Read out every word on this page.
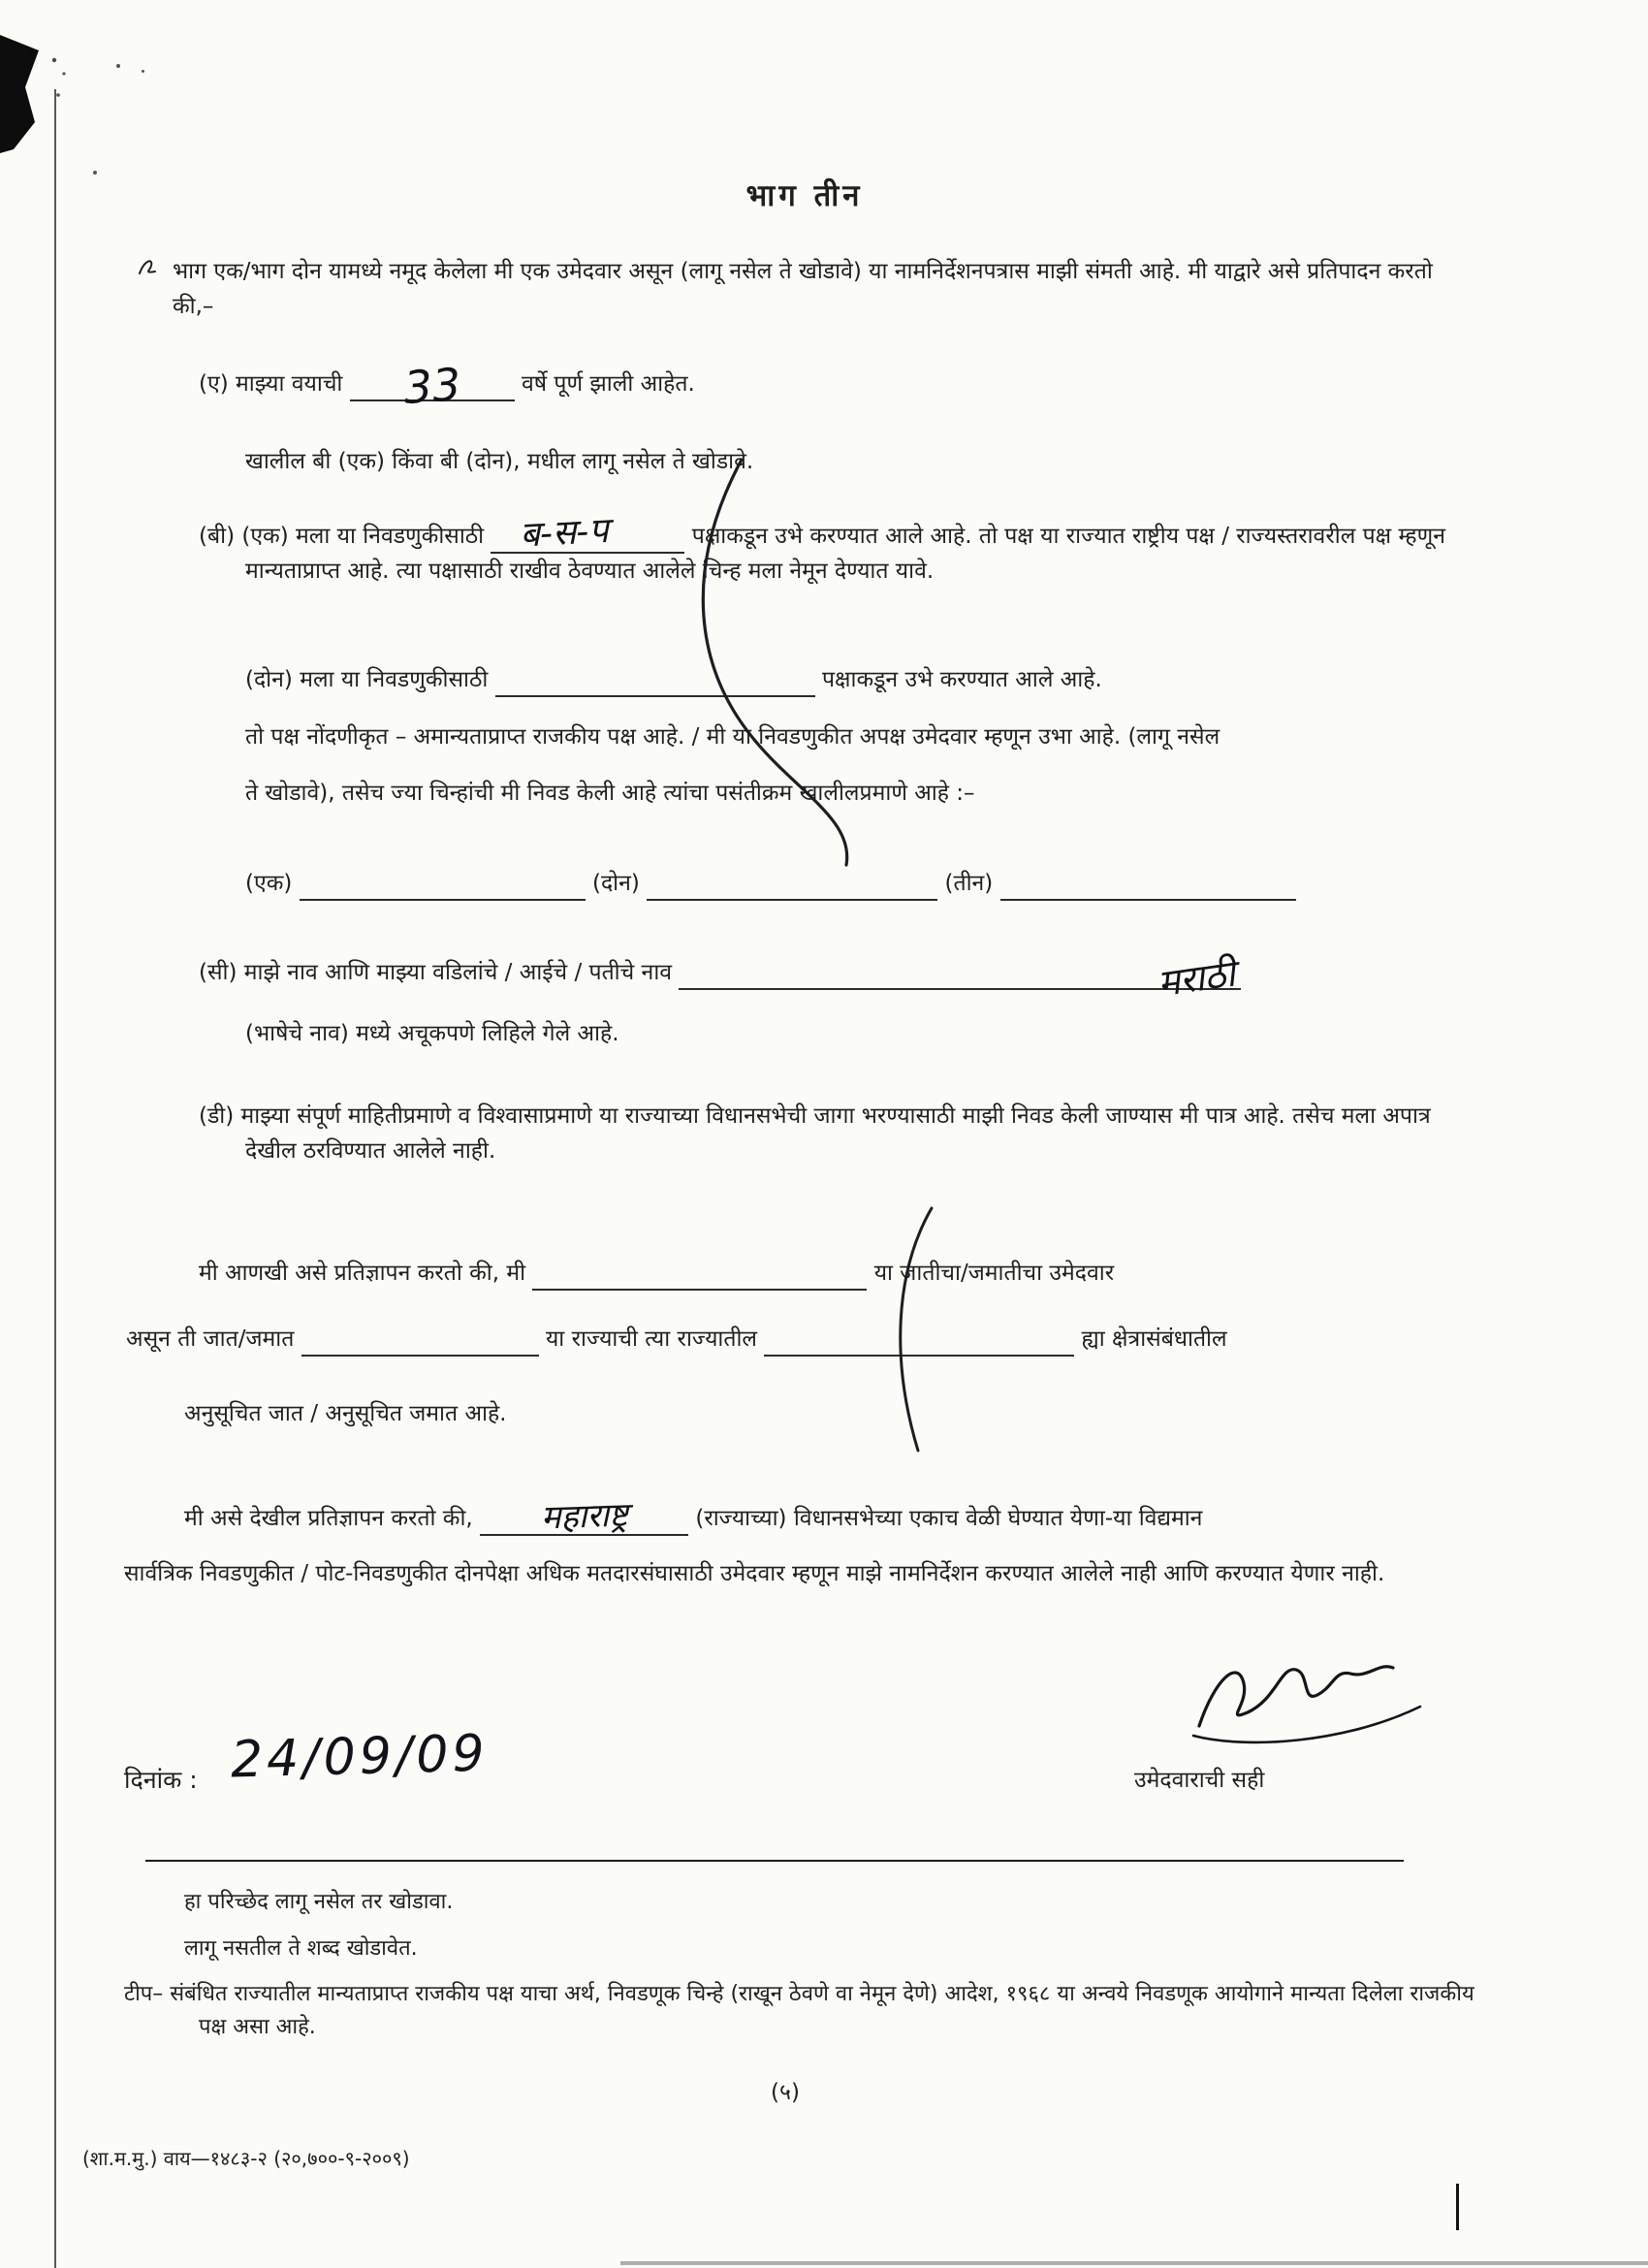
भाग तीन
भाग एक/भाग दोन यामध्ये नमूद केलेला मी एक उमेदवार असून (लागू नसेल ते खोडावे) या नामनिर्देशनपत्रास माझी संमती आहे. मी याद्वारे असे प्रतिपादन करतो की,–
(ए) माझ्या वयाची 33	वर्षे पूर्ण झाली आहेत.
खालील बी (एक) किंवा बी (दोन), मधील लागू नसेल ते खोडावे.
(बी) (एक) मला या निवडणुकीसाठी ब-स-प	पक्षाकडून उभे करण्यात आले आहे. तो पक्ष या राज्यात राष्ट्रीय पक्ष / राज्यस्तरावरील पक्ष म्हणून मान्यताप्राप्त आहे. त्या पक्षासाठी राखीव ठेवण्यात आलेले चिन्ह मला नेमून देण्यात यावे.
(दोन) मला या निवडणुकीसाठी	पक्षाकडून उभे करण्यात आले आहे.
तो पक्ष नोंदणीकृत – अमान्यताप्राप्त राजकीय पक्ष आहे. / मी या निवडणुकीत अपक्ष उमेदवार म्हणून उभा आहे. (लागू नसेल
ते खोडावे), तसेच ज्या चिन्हांची मी निवड केली आहे त्यांचा पसंतीक्रम खालीलप्रमाणे आहे :–
(एक)	(दोन)	(तीन)
(सी) माझे नाव आणि माझ्या वडिलांचे / आईचे / पतीचे नाव	मराठी
(भाषेचे नाव) मध्ये अचूकपणे लिहिले गेले आहे.
(डी) माझ्या संपूर्ण माहितीप्रमाणे व विश्वासाप्रमाणे या राज्याच्या विधानसभेची जागा भरण्यासाठी माझी निवड केली जाण्यास मी पात्र आहे. तसेच मला अपात्र देखील ठरविण्यात आलेले नाही.
मी आणखी असे प्रतिज्ञापन करतो की, मी	या जातीचा/जमातीचा उमेदवार
असून ती जात/जमात	या राज्याची त्या राज्यातील	ह्या क्षेत्रासंबंधातील
अनुसूचित जात / अनुसूचित जमात आहे.
मी असे देखील प्रतिज्ञापन करतो की, महाराष्ट्र	(राज्याच्या) विधानसभेच्या एकाच वेळी घेण्यात येणा-या विद्यमान
सार्वत्रिक निवडणुकीत / पोट-निवडणुकीत दोनपेक्षा अधिक मतदारसंघासाठी उमेदवार म्हणून माझे नामनिर्देशन करण्यात आलेले नाही आणि करण्यात येणार नाही.
उमेदवाराची सही
दिनांक : 24/09/09
हा परिच्छेद लागू नसेल तर खोडावा.
लागू नसतील ते शब्द खोडावेत.
टीप– संबंधित राज्यातील मान्यताप्राप्त राजकीय पक्ष याचा अर्थ, निवडणूक चिन्हे (राखून ठेवणे वा नेमून देणे) आदेश, १९६८ या अन्वये निवडणूक आयोगाने मान्यता दिलेला राजकीय पक्ष असा आहे.
(५)
(शा.म.मु.) वाय—१४८३-२ (२०,७००-९-२००९)
